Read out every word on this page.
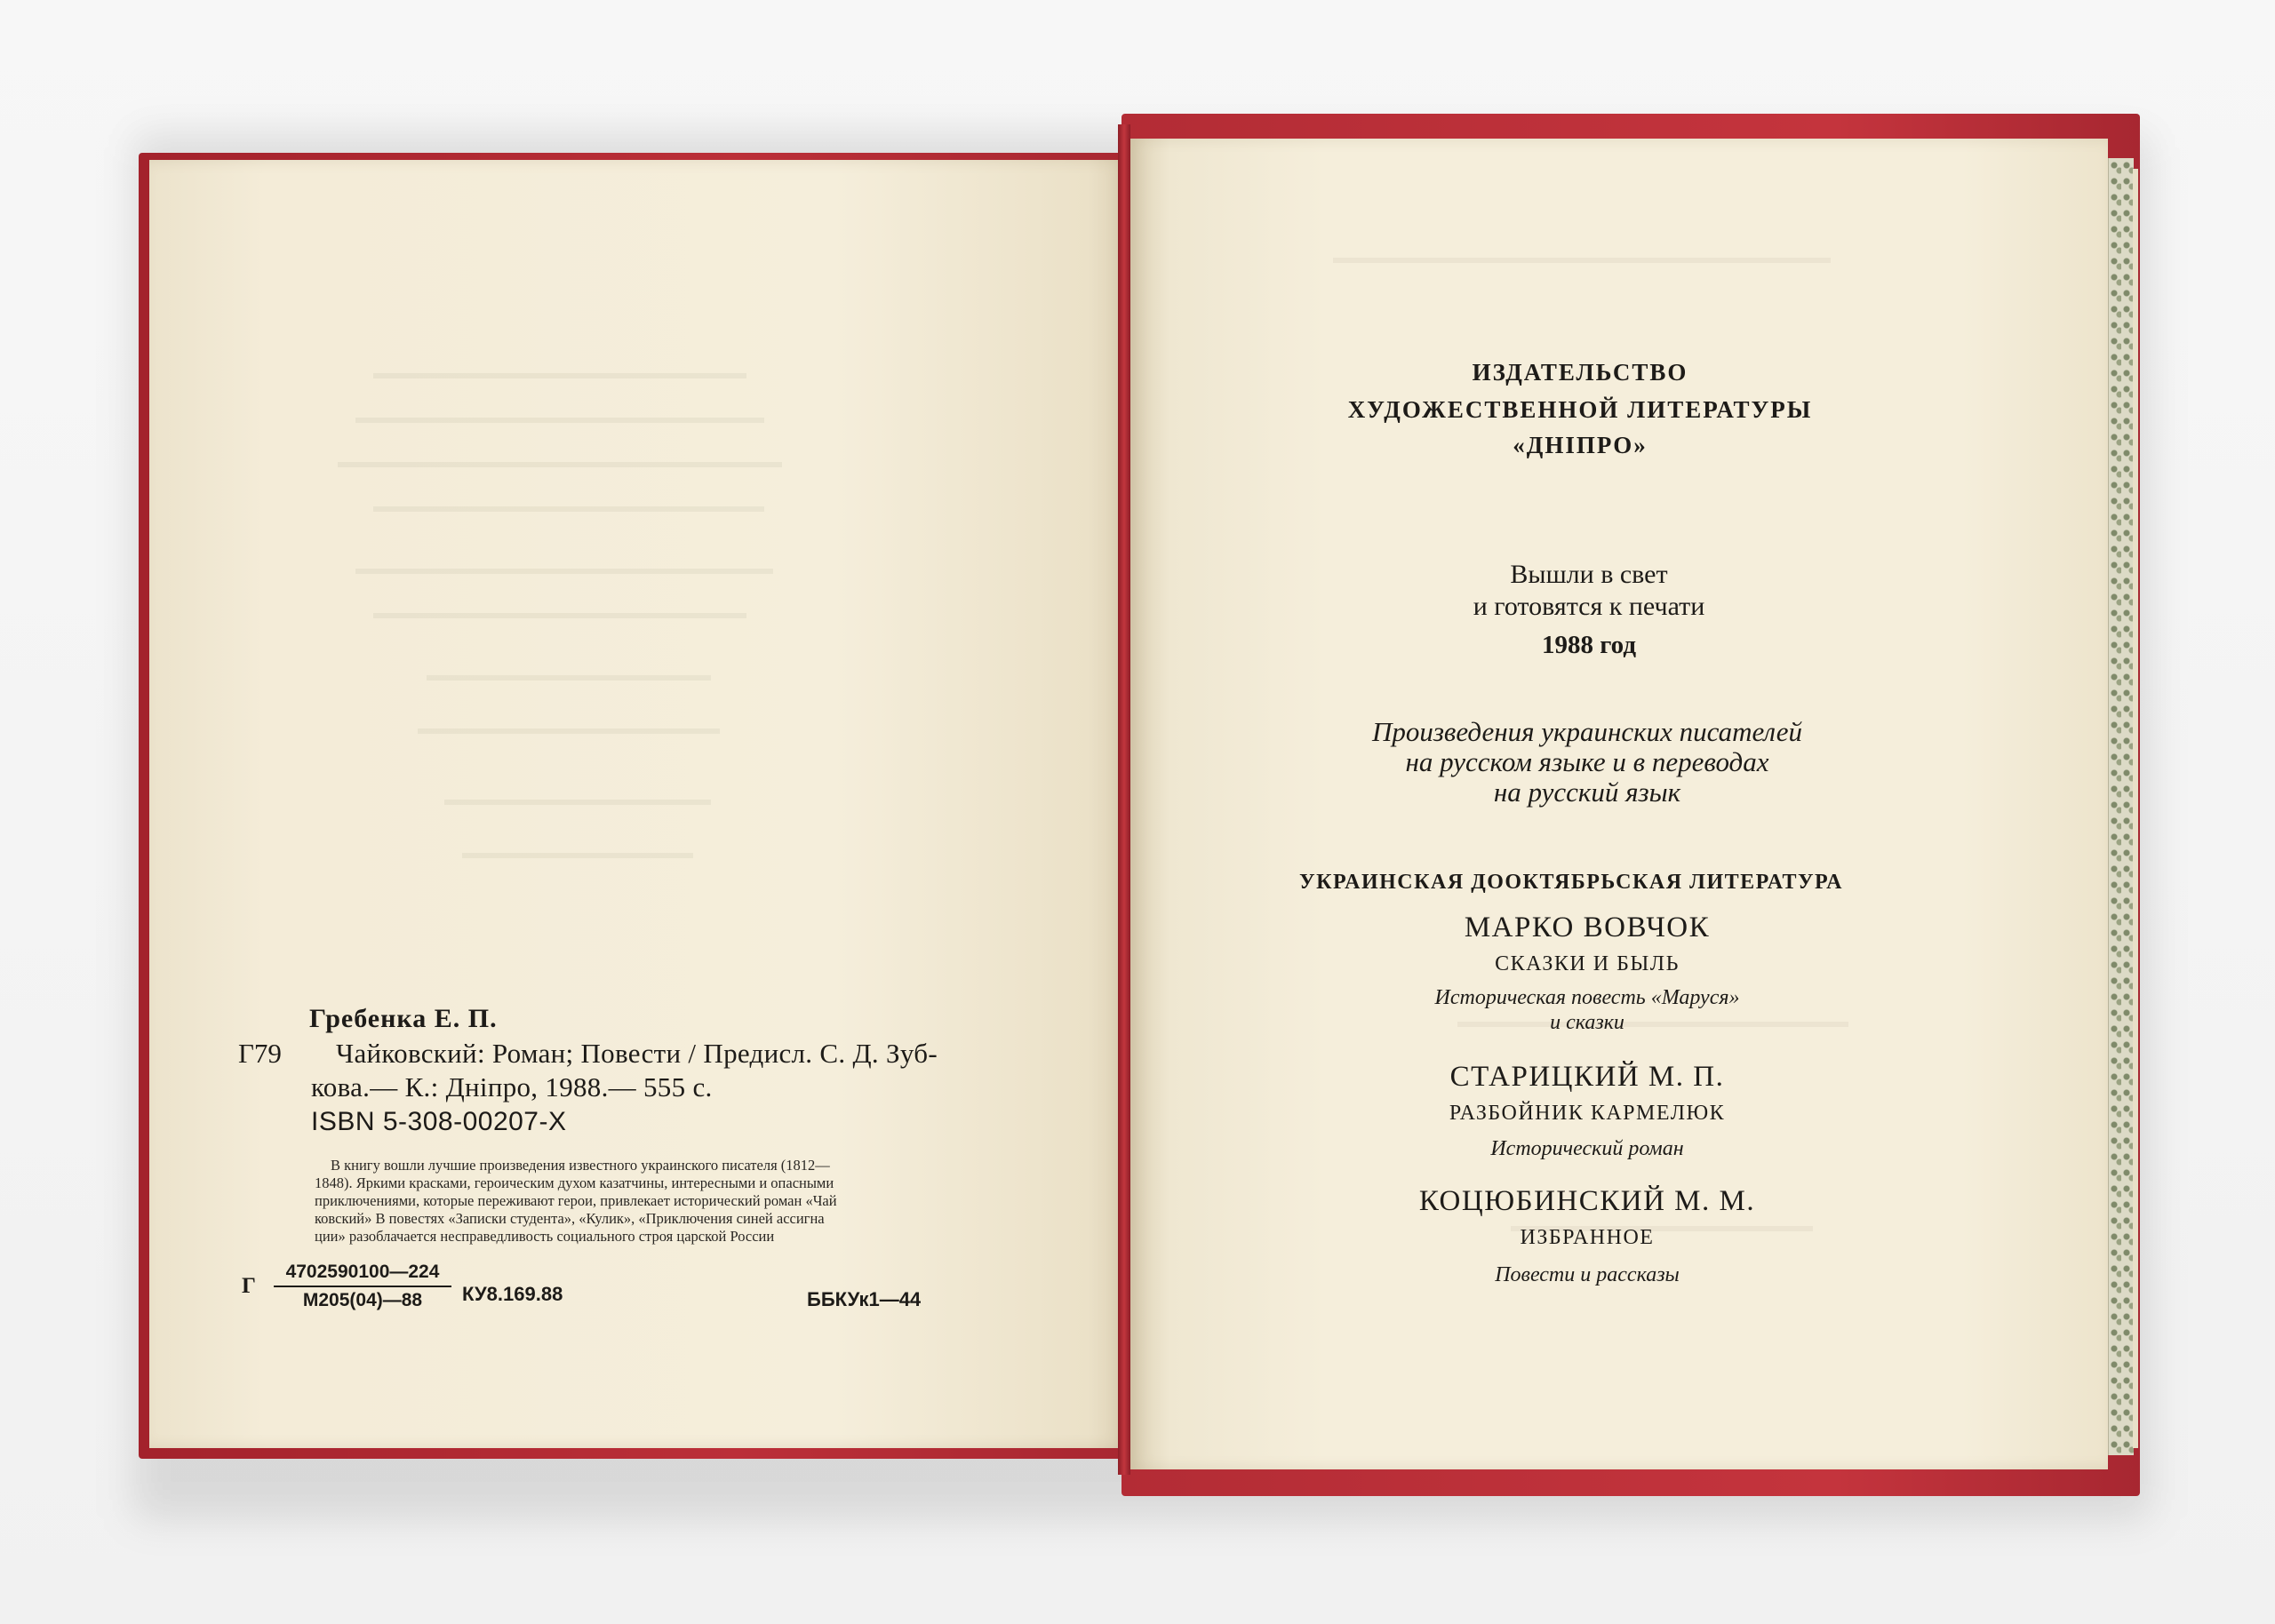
Гребенка Е. П.
Г79 Чайковский: Роман; Повести / Предисл. С. Д. Зуб-
кова.— К.: Дніпро, 1988.— 555 с.
ISBN 5-308-00207-X
В книгу вошли лучшие произведения известного украинского писателя (1812—
1848). Яркими красками, героическим духом казатчины, интересными и опасными
приключениями, которые переживают герои, привлекает исторический роман «Чай
ковский» В повестях «Записки студента», «Кулик», «Приключения синей ассигна
ции» разоблачается несправедливость социального строя царской России
Г
4702590100—224
М205(04)—88	КУ8.169.88	ББКУк1—44
ИЗДАТЕЛЬСТВО
ХУДОЖЕСТВЕННОЙ ЛИТЕРАТУРЫ
«ДНІПРО»
Вышли в свет
и готовятся к печати
1988 год
Произведения украинских писателей
на русском языке и в переводах
на русский язык
УКРАИНСКАЯ ДООКТЯБРЬСКАЯ ЛИТЕРАТУРА
МАРКО ВОВЧОК
СКАЗКИ И БЫЛЬ
Историческая повесть «Маруся»
и сказки
СТАРИЦКИЙ М. П.
РАЗБОЙНИК КАРМЕЛЮК
Исторический роман
КОЦЮБИНСКИЙ М. М.
ИЗБРАННОЕ
Повести и рассказы
